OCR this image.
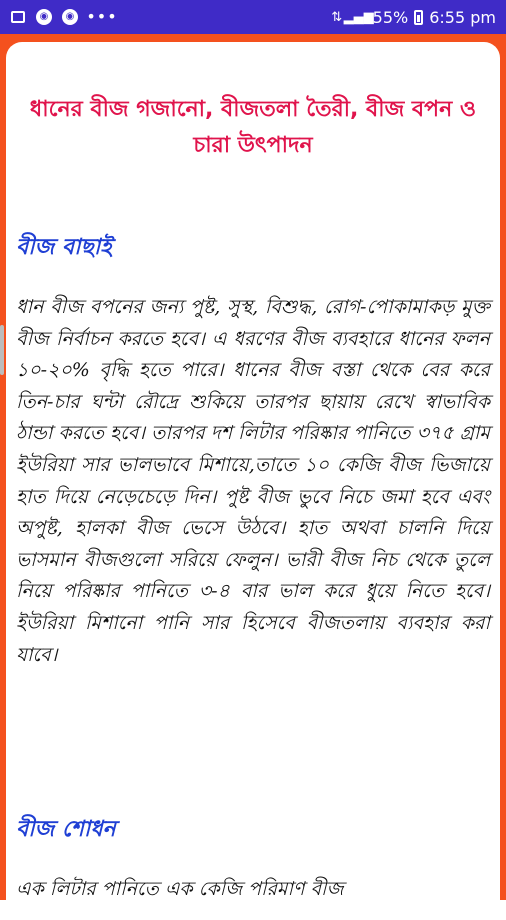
◉	◉ •••	⇅ ▂▄▆ 55% 6:55 pm
ধানের বীজ গজানো, বীজতলা তৈরী, বীজ বপন ও চারা উৎপাদন
বীজ বাছাই
ধান বীজ বপনের জন্য পুষ্ট, সুস্থ, বিশুদ্ধ, রোগ-পোকামাকড় মুক্ত বীজ নির্বাচন করতে হবে। এ ধরণের বীজ ব্যবহারে ধানের ফলন ১০-২০% বৃদ্ধি হতে পারে। ধানের বীজ বস্তা থেকে বের করে তিন-চার ঘন্টা রৌদ্রে শুকিয়ে তারপর ছায়ায় রেখে স্বাভাবিক ঠান্ডা করতে হবে। তারপর দশ লিটার পরিষ্কার পানিতে ৩৭৫ গ্রাম ইউরিয়া সার ভালভাবে মিশায়ে,তাতে ১০ কেজি বীজ ভিজায়ে হাত দিয়ে নেড়েচেড়ে দিন। পুষ্ট বীজ ভুবে নিচে জমা হবে এবং অপুষ্ট, হালকা বীজ ভেসে উঠবে। হাত অথবা চালনি দিয়ে ভাসমান বীজগুলো সরিয়ে ফেলুন। ভারী বীজ নিচ থেকে তুলে নিয়ে পরিষ্কার পানিতে ৩-৪ বার ভাল করে ধুয়ে নিতে হবে। ইউরিয়া মিশানো পানি সার হিসেবে বীজতলায় ব্যবহার করা যাবে।
বীজ শোধন
এক লিটার পানিতে এক কেজি পরিমাণ বীজ
